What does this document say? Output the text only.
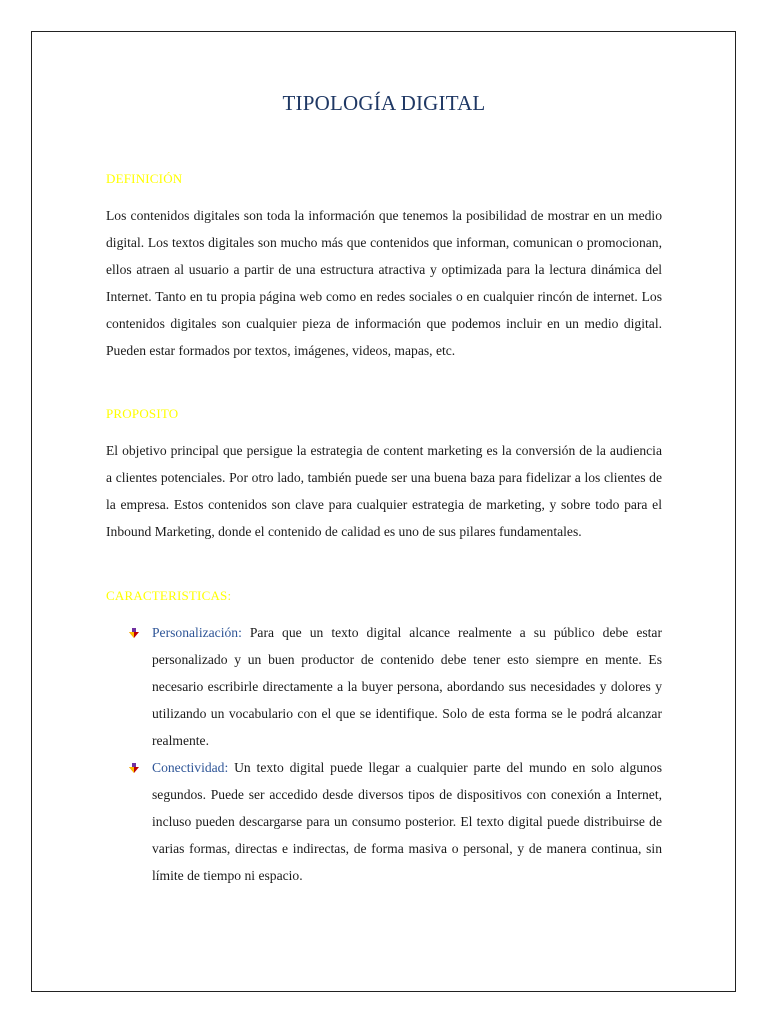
TIPOLOGÍA DIGITAL
DEFINICIÓN

Los contenidos digitales son toda la información que tenemos la posibilidad de mostrar en un medio digital. Los textos digitales son mucho más que contenidos que informan, comunican o promocionan, ellos atraen al usuario a partir de una estructura atractiva y optimizada para la lectura dinámica del Internet. Tanto en tu propia página web como en redes sociales o en cualquier rincón de internet. Los contenidos digitales son cualquier pieza de información que podemos incluir en un medio digital. Pueden estar formados por textos, imágenes, videos, mapas, etc.

PROPOSITO

El objetivo principal que persigue la estrategia de content marketing es la conversión de la audiencia a clientes potenciales. Por otro lado, también puede ser una buena baza para fidelizar a los clientes de la empresa. Estos contenidos son clave para cualquier estrategia de marketing, y sobre todo para el Inbound Marketing, donde el contenido de calidad es uno de sus pilares fundamentales.

CARACTERISTICAS:
Personalización: Para que un texto digital alcance realmente a su público debe estar personalizado y un buen productor de contenido debe tener esto siempre en mente. Es necesario escribirle directamente a la buyer persona, abordando sus necesidades y dolores y utilizando un vocabulario con el que se identifique. Solo de esta forma se le podrá alcanzar realmente.
Conectividad: Un texto digital puede llegar a cualquier parte del mundo en solo algunos segundos. Puede ser accedido desde diversos tipos de dispositivos con conexión a Internet, incluso pueden descargarse para un consumo posterior. El texto digital puede distribuirse de varias formas, directas e indirectas, de forma masiva o personal, y de manera continua, sin límite de tiempo ni espacio.
